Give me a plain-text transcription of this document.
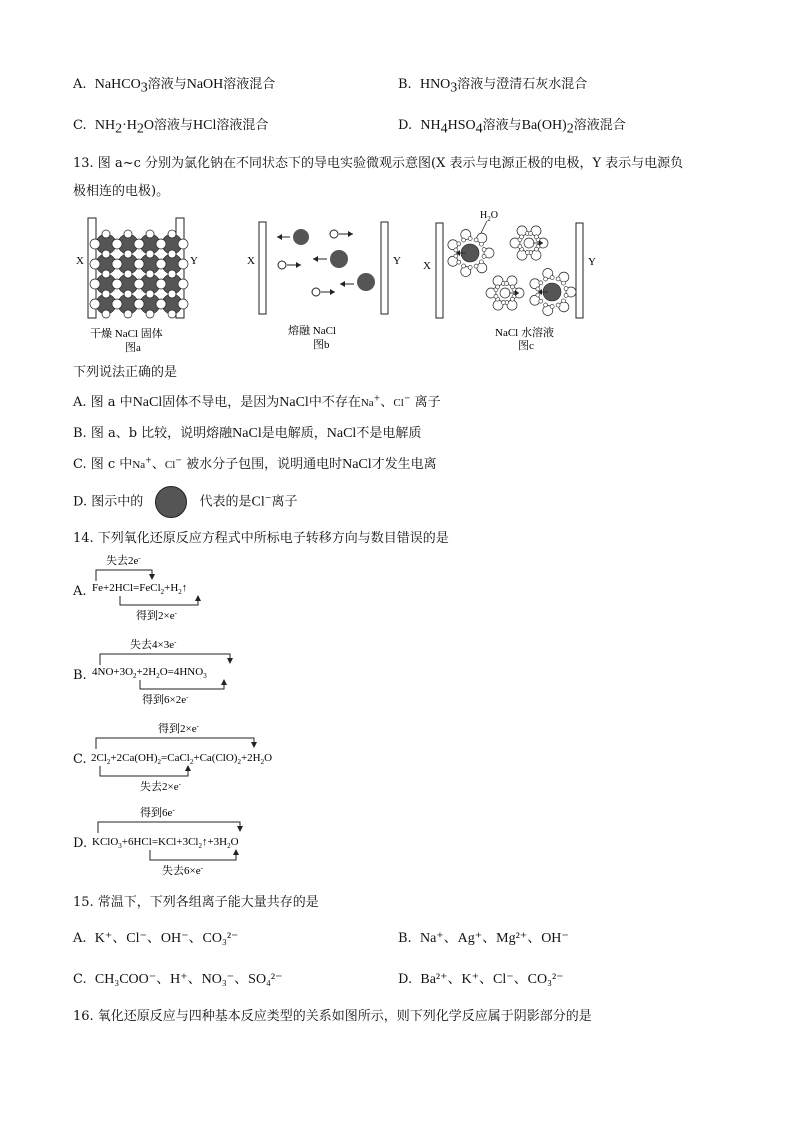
A. NaHCO$_3$溶液与NaOH溶液混合	B. $HNO_3$溶液与澄清石灰水混合
C. $NH_2\cdot H_2O$溶液与HCl溶液混合	D. $NH_4HSO_4$溶液与$Ba(OH)_2$溶液混合
13. 图 a~c 分别为氯化钠在不同状态下的导电实验微观示意图(X 表示与电源正极的电极，Y 表示与电源负
极相连的电极)。
X	Y
干燥 NaCl 固体
图a
X	Y
熔融 NaCl
图b
X	Y
$H_2O$
NaCl 水溶液
图c
下列说法正确的是
A. 图 a 中NaCl固体不导电，是因为NaCl中不存在Na+、Cl− 离子
B. 图 a、b 比较，说明熔融NaCl是电解质，NaCl不是电解质
C. 图 c 中Na+、Cl− 被水分子包围，说明通电时NaCl才发生电离
D. 图示中的	代表的是Cl−离子
14. 下列氧化还原反应方程式中所标电子转移方向与数目错误的是
A.
失去2e-
$Fe+2HCl=FeCl_2+H_2↑$
得到2×e-
B.
失去4×3e-
$4NO+3O_2+2H_2O=4HNO_3$
得到6×2e-
C.
得到2×e-
$2Cl_2+2Ca(OH)_2=CaCl_2+Ca(ClO)_2+2H_2O$
失去2×e-
D.
得到6e-
$KClO_3+6HCl=KCl+3Cl_2↑+3H_2O$
失去6×e-
15. 常温下，下列各组离子能大量共存的是
A. K⁺、Cl⁻、OH⁻、CO₃²⁻	B. Na⁺、Ag⁺、Mg²⁺、OH⁻
C. CH₃COO⁻、H⁺、NO₃⁻、SO₄²⁻	D. Ba²⁺、K⁺、Cl⁻、CO₃²⁻
16. 氧化还原反应与四种基本反应类型的关系如图所示，则下列化学反应属于阴影部分的是
